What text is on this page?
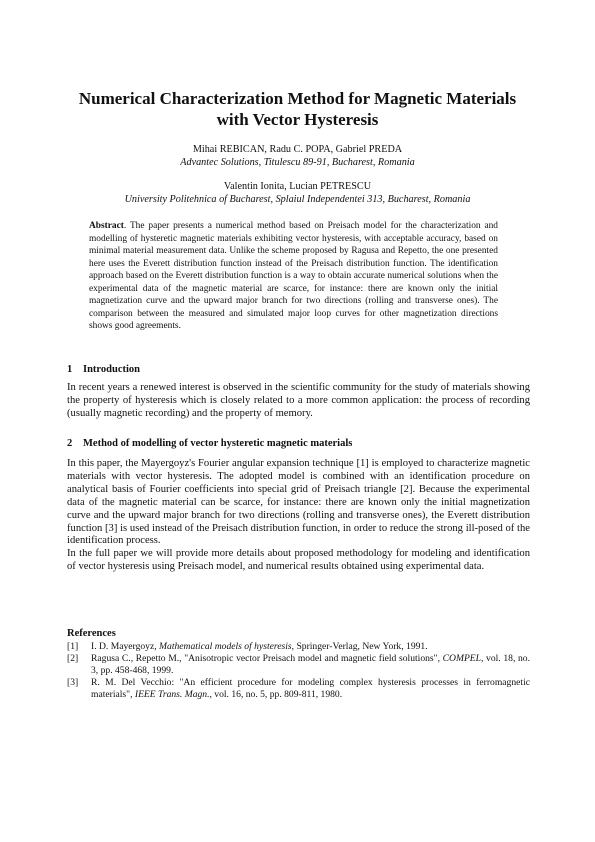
Numerical Characterization Method for Magnetic Materials
with Vector Hysteresis
Mihai REBICAN, Radu C. POPA, Gabriel PREDA
Advantec Solutions, Titulescu 89-91, Bucharest, Romania
Valentin Ionita, Lucian PETRESCU
University Politehnica of Bucharest, Splaiul Independentei 313, Bucharest, Romania
Abstract. The paper presents a numerical method based on Preisach model for the characterization and modelling of hysteretic magnetic materials exhibiting vector hysteresis, with acceptable accuracy, based on minimal material measurement data. Unlike the scheme proposed by Ragusa and Repetto, the one presented here uses the Everett distribution function instead of the Preisach distribution function. The identification approach based on the Everett distribution function is a way to obtain accurate numerical solutions when the experimental data of the magnetic material are scarce, for instance: there are known only the initial magnetization curve and the upward major branch for two directions (rolling and transverse ones). The comparison between the measured and simulated major loop curves for other magnetization directions shows good agreements.
1 Introduction

In recent years a renewed interest is observed in the scientific community for the study of materials showing the property of hysteresis which is closely related to a more common application: the process of recording (usually magnetic recording) and the property of memory.

2 Method of modelling of vector hysteretic magnetic materials

In this paper, the Mayergoyz's Fourier angular expansion technique [1] is employed to characterize magnetic materials with vector hysteresis. The adopted model is combined with an identification procedure on analytical basis of Fourier coefficients into special grid of Preisach triangle [2]. Because the experimental data of the magnetic material can be scarce, for instance: there are known only the initial magnetization curve and the upward major branch for two directions (rolling and transverse ones), the Everett distribution function [3] is used instead of the Preisach distribution function, in order to reduce the strong ill-posed of the identification process.

In the full paper we will provide more details about proposed methodology for modeling and identification of vector hysteresis using Preisach model, and numerical results obtained using experimental data.

References

[1] I. D. Mayergoyz, Mathematical models of hysteresis, Springer-Verlag, New York, 1991.

[2] Ragusa C., Repetto M., "Anisotropic vector Preisach model and magnetic field solutions", COMPEL, vol. 18, no. 3, pp. 458-468, 1999.

[3] R. M. Del Vecchio: "An efficient procedure for modeling complex hysteresis processes in ferromagnetic materials", IEEE Trans. Magn., vol. 16, no. 5, pp. 809-811, 1980.
